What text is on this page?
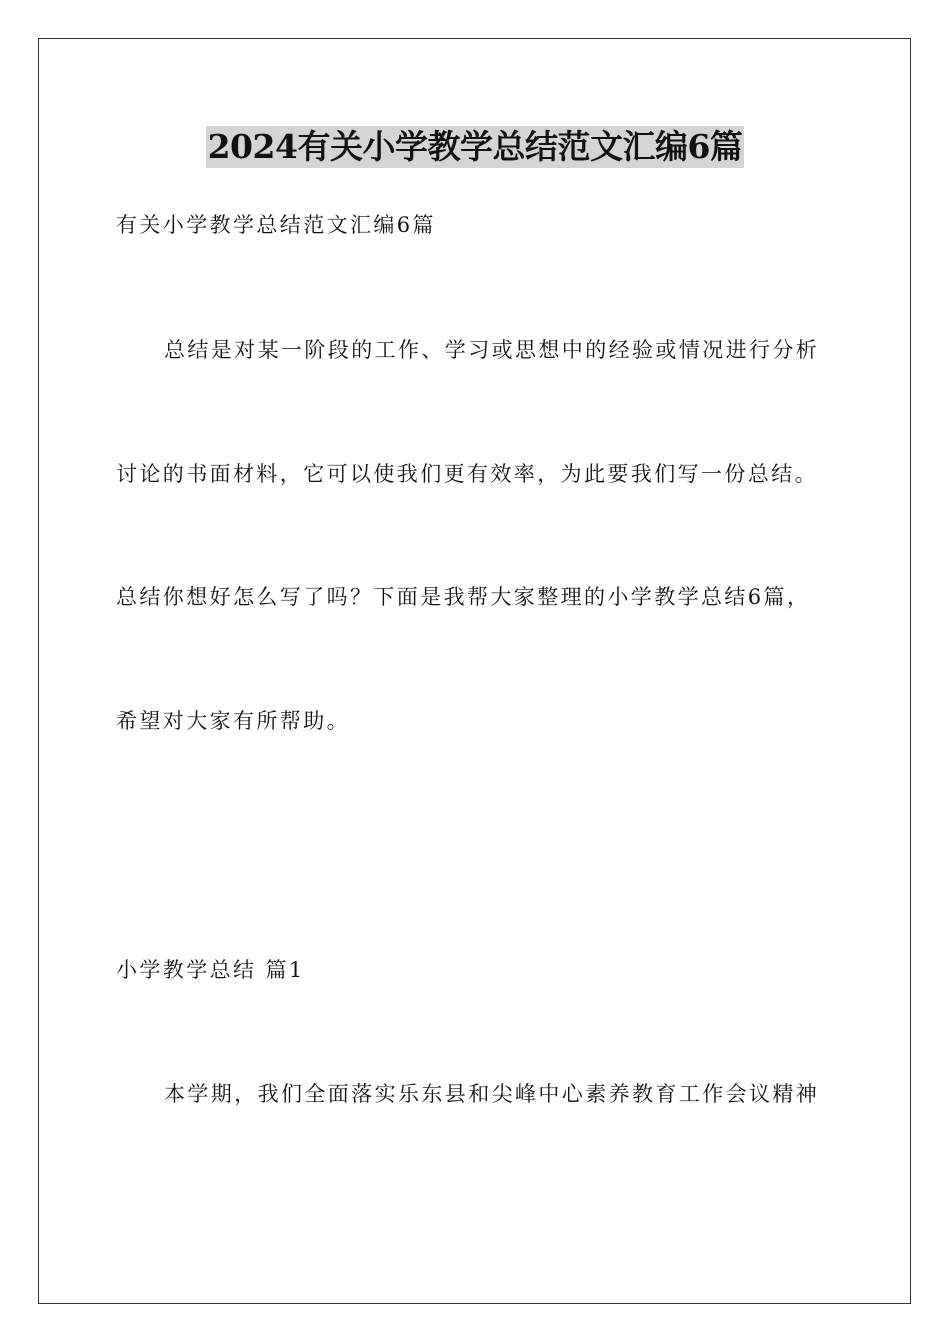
2024有关小学教学总结范文汇编6篇
有关小学教学总结范文汇编6篇
总结是对某一阶段的工作、学习或思想中的经验或情况进行分析
讨论的书面材料，它可以使我们更有效率，为此要我们写一份总结。
总结你想好怎么写了吗？下面是我帮大家整理的小学教学总结6篇，
希望对大家有所帮助。
小学教学总结 篇1
本学期，我们全面落实乐东县和尖峰中心素养教育工作会议精神
